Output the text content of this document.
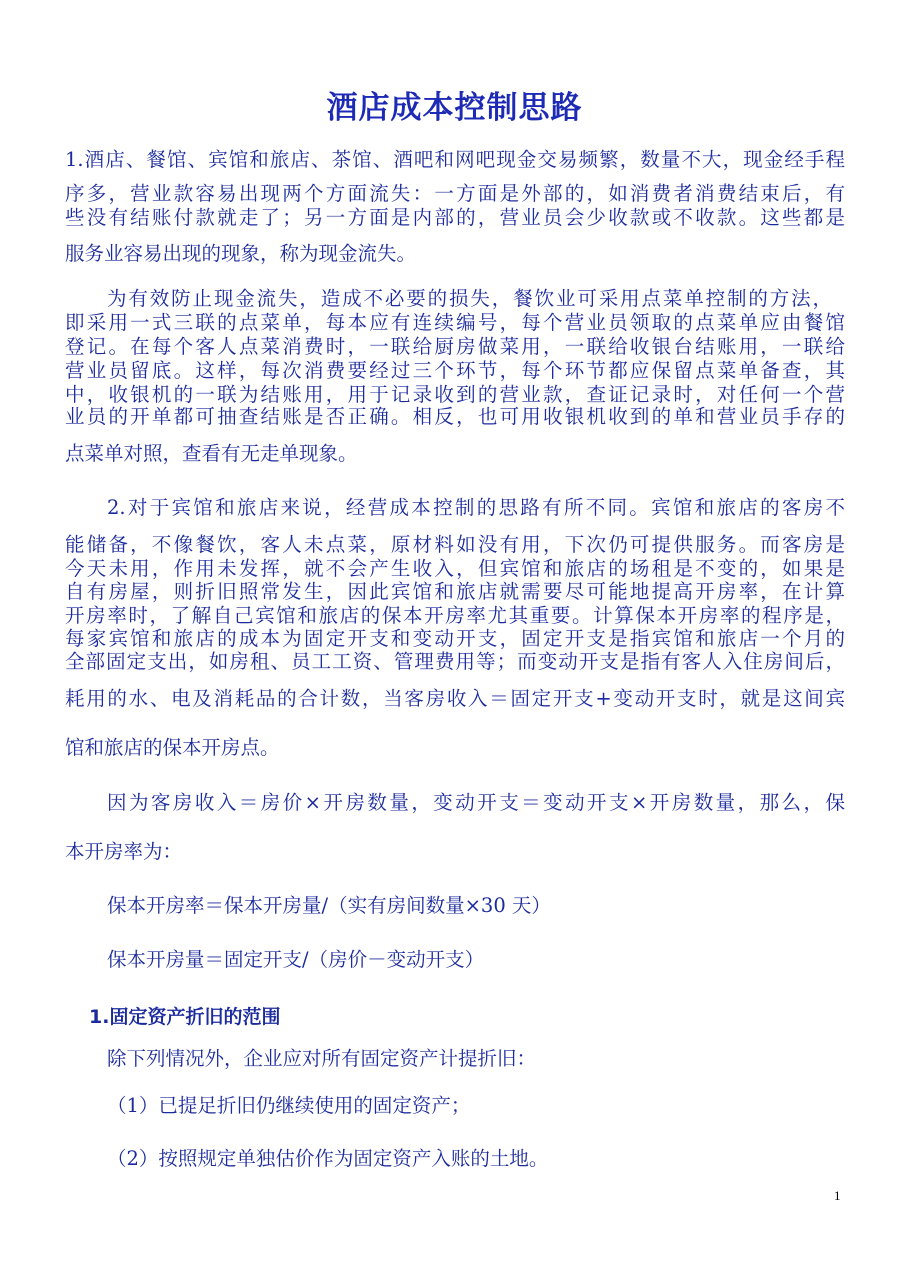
酒店成本控制思路
1.酒店、餐馆、宾馆和旅店、茶馆、酒吧和网吧现金交易频繁，数量不大，现金经手程
序多，营业款容易出现两个方面流失：一方面是外部的，如消费者消费结束后，有
些没有结账付款就走了；另一方面是内部的，营业员会少收款或不收款。这些都是
服务业容易出现的现象，称为现金流失。
为有效防止现金流失，造成不必要的损失，餐饮业可采用点菜单控制的方法，
即采用一式三联的点菜单，每本应有连续编号，每个营业员领取的点菜单应由餐馆
登记。在每个客人点菜消费时，一联给厨房做菜用，一联给收银台结账用，一联给
营业员留底。这样，每次消费要经过三个环节，每个环节都应保留点菜单备查，其
中，收银机的一联为结账用，用于记录收到的营业款，查证记录时，对任何一个营
业员的开单都可抽查结账是否正确。相反，也可用收银机收到的单和营业员手存的
点菜单对照，查看有无走单现象。
2.对于宾馆和旅店来说，经营成本控制的思路有所不同。宾馆和旅店的客房不
能储备，不像餐饮，客人未点菜，原材料如没有用，下次仍可提供服务。而客房是
今天未用，作用未发挥，就不会产生收入，但宾馆和旅店的场租是不变的，如果是
自有房屋，则折旧照常发生，因此宾馆和旅店就需要尽可能地提高开房率，在计算
开房率时，了解自己宾馆和旅店的保本开房率尤其重要。计算保本开房率的程序是，
每家宾馆和旅店的成本为固定开支和变动开支，固定开支是指宾馆和旅店一个月的
全部固定支出，如房租、员工工资、管理费用等；而变动开支是指有客人入住房间后，
耗用的水、电及消耗品的合计数，当客房收入＝固定开支+变动开支时，就是这间宾
馆和旅店的保本开房点。
因为客房收入＝房价×开房数量，变动开支＝变动开支×开房数量，那么，保
本开房率为：
保本开房率＝保本开房量/（实有房间数量×30 天）
保本开房量＝固定开支/（房价－变动开支）
1.固定资产折旧的范围
除下列情况外，企业应对所有固定资产计提折旧：
（1）已提足折旧仍继续使用的固定资产；
（2）按照规定单独估价作为固定资产入账的土地。
1
